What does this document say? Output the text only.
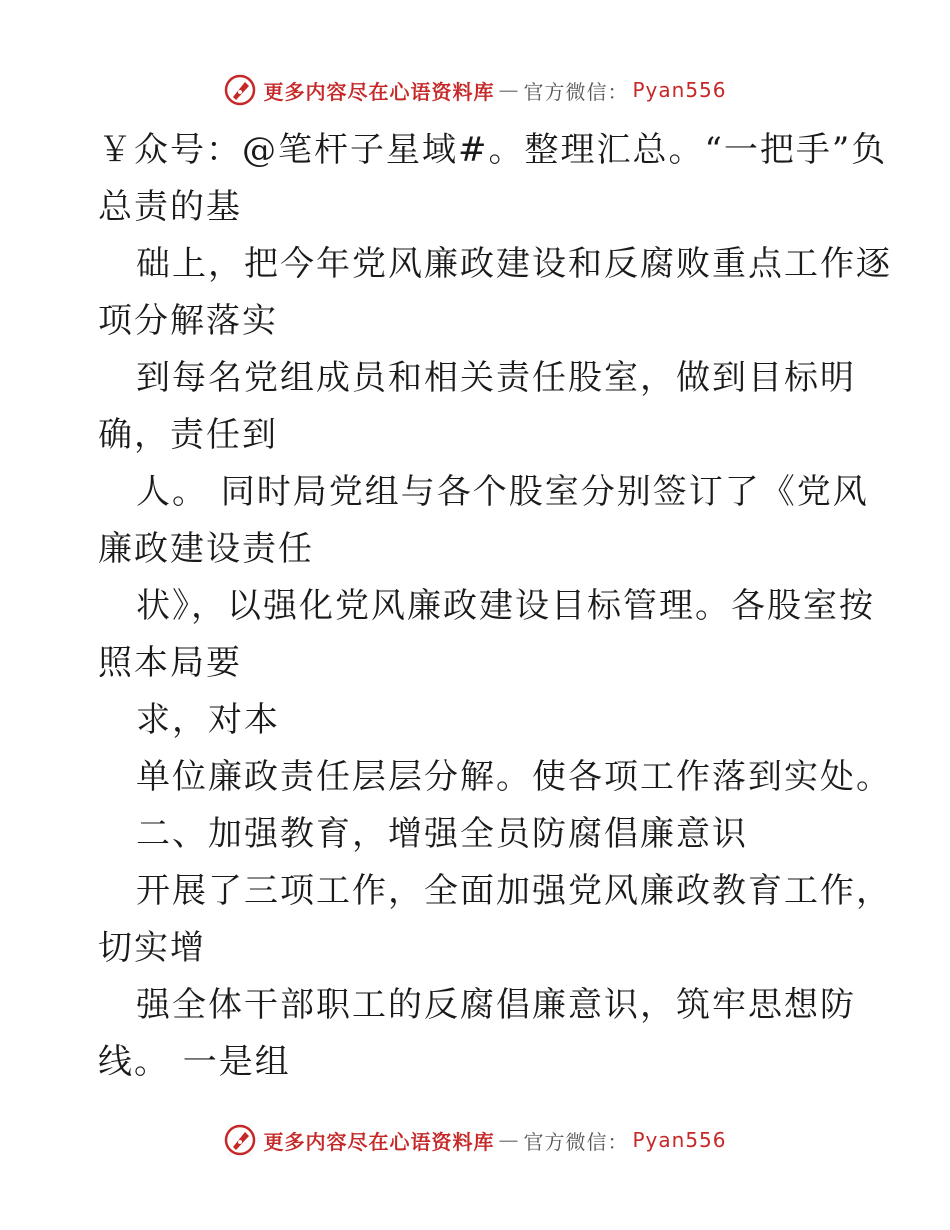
更多内容尽在心语资料库 — 官方微信： Pyan556
￥众号：@笔杆子星域#。整理汇总。“一把手”负
总责的基
础上，把今年党风廉政建设和反腐败重点工作逐
项分解落实
到每名党组成员和相关责任股室，做到目标明
确，责任到
人。 同时局党组与各个股室分别签订了《党风
廉政建设责任
状》，以强化党风廉政建设目标管理。各股室按
照本局要
求，对本
单位廉政责任层层分解。使各项工作落到实处。
二、加强教育，增强全员防腐倡廉意识
开展了三项工作，全面加强党风廉政教育工作，
切实增
强全体干部职工的反腐倡廉意识，筑牢思想防
线。 一是组
更多内容尽在心语资料库 — 官方微信： Pyan556
